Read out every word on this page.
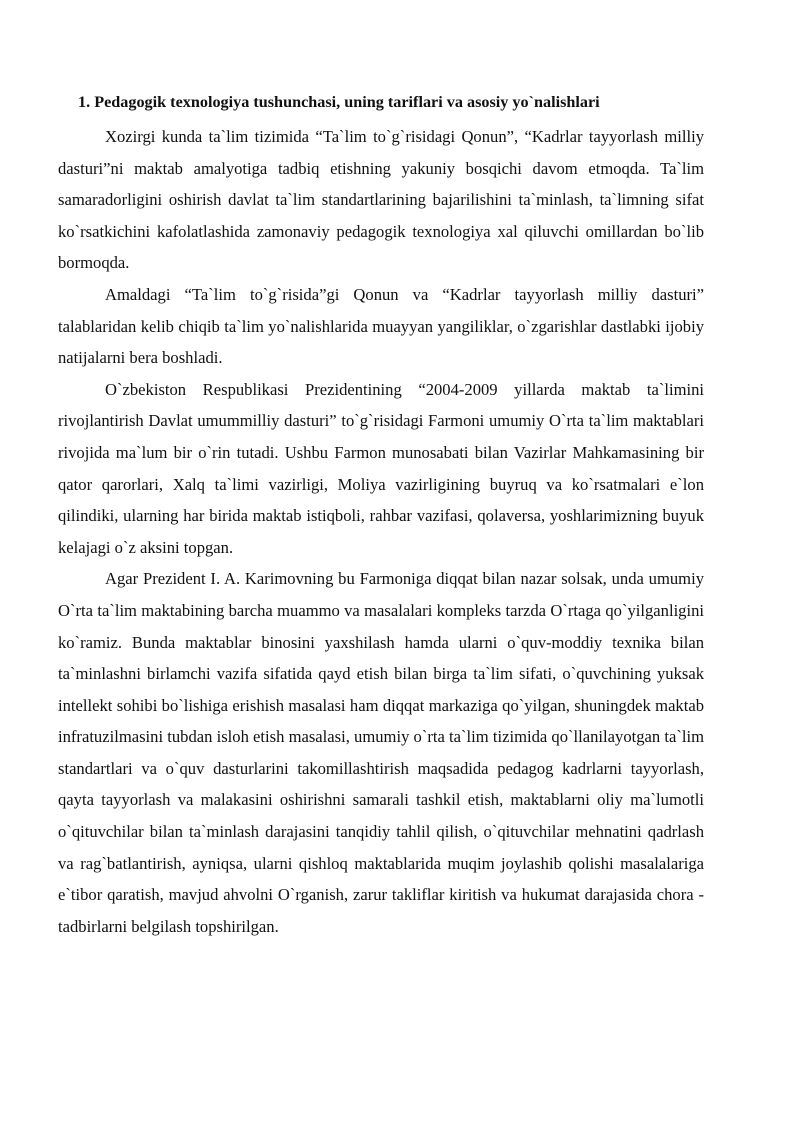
1. Pedagogik texnologiya tushunchasi, uning tariflari va asosiy yo`nalishlari

Xozirgi kunda ta`lim tizimida “Ta`lim to`g`risidagi Qonun”, “Kadrlar tayyorlash milliy dasturi”ni maktab amalyotiga tadbiq etishning yakuniy bosqichi davom etmoqda. Ta`lim samaradorligini oshirish davlat ta`lim standartlarining bajarilishini ta`minlash, ta`limning sifat ko`rsatkichini kafolatlashida zamonaviy pedagogik texnologiya xal qiluvchi omillardan bo`lib bormoqda.

Amaldagi “Ta`lim to`g`risida”gi Qonun va “Kadrlar tayyorlash milliy dasturi” talablaridan kelib chiqib ta`lim yo`nalishlarida muayyan yangiliklar, o`zgarishlar dastlabki ijobiy natijalarni bera boshladi.

O`zbekiston Respublikasi Prezidentining “2004-2009 yillarda maktab ta`limini rivojlantirish Davlat umummilliy dasturi” to`g`risidagi Farmoni umumiy O`rta ta`lim maktablari rivojida ma`lum bir o`rin tutadi. Ushbu Farmon munosabati bilan Vazirlar Mahkamasining bir qator qarorlari, Xalq ta`limi vazirligi, Moliya vazirligining buyruq va ko`rsatmalari e`lon qilindiki, ularning har birida maktab istiqboli, rahbar vazifasi, qolaversa, yoshlarimizning buyuk kelajagi o`z aksini topgan.

Agar Prezident I. A. Karimovning bu Farmoniga diqqat bilan nazar solsak, unda umumiy O`rta ta`lim maktabining barcha muammo va masalalari kompleks tarzda O`rtaga qo`yilganligini ko`ramiz. Bunda maktablar binosini yaxshilash hamda ularni o`quv-moddiy texnika bilan ta`minlashni birlamchi vazifa sifatida qayd etish bilan birga ta`lim sifati, o`quvchining yuksak intellekt sohibi bo`lishiga erishish masalasi ham diqqat markaziga qo`yilgan, shuningdek maktab infratuzilmasini tubdan isloh etish masalasi, umumiy o`rta ta`lim tizimida qo`llanilayotgan ta`lim standartlari va o`quv dasturlarini takomillashtirish maqsadida pedagog kadrlarni tayyorlash, qayta tayyorlash va malakasini oshirishni samarali tashkil etish, maktablarni oliy ma`lumotli o`qituvchilar bilan ta`minlash darajasini tanqidiy tahlil qilish, o`qituvchilar mehnatini qadrlash va rag`batlantirish, ayniqsa, ularni qishloq maktablarida muqim joylashib qolishi masalalariga e`tibor qaratish, mavjud ahvolni O`rganish, zarur takliflar kiritish va hukumat darajasida chora - tadbirlarni belgilash topshirilgan.
